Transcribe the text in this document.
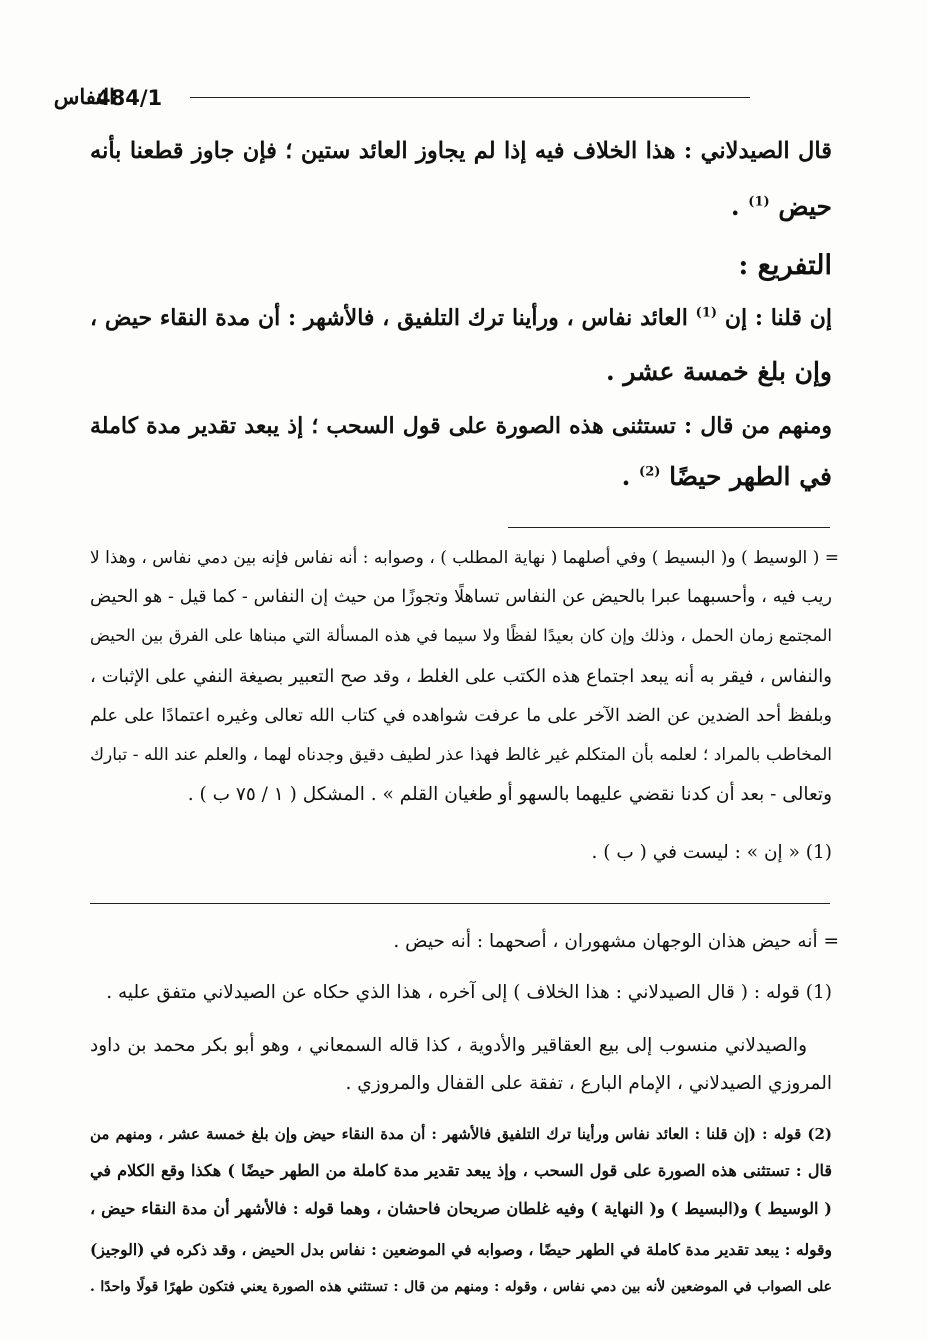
النفاس
484/1
قال الصيدلاني : هذا الخلاف فيه إذا لم يجاوز العائد ستين ؛ فإن جاوز قطعنا بأنه
حيض $^{(1)}$ .
التفريع :
إن قلنا : إن $^{(1)}$ العائد نفاس ، ورأينا ترك التلفيق ، فالأشهر : أن مدة النقاء حيض ،
وإن بلغ خمسة عشر .
ومنهم من قال : تستثنى هذه الصورة على قول السحب ؛ إذ يبعد تقدير مدة كاملة
في الطهر حيضًا $^{(2)}$ .
= ( الوسيط ) و( البسيط ) وفي أصلهما ( نهاية المطلب ) ، وصوابه : أنه نفاس فإنه بين دمي نفاس ، وهذا لا
ريب فيه ، وأحسبهما عبرا بالحيض عن النفاس تساهلًا وتجوزًا من حيث إن النفاس - كما قيل - هو الحيض
المجتمع زمان الحمل ، وذلك وإن كان بعيدًا لفظًا ولا سيما في هذه المسألة التي مبناها على الفرق بين الحيض
والنفاس ، فيقر به أنه يبعد اجتماع هذه الكتب على الغلط ، وقد صح التعبير بصيغة النفي على الإثبات ،
وبلفظ أحد الضدين عن الضد الآخر على ما عرفت شواهده في كتاب الله تعالى وغيره اعتمادًا على علم
المخاطب بالمراد ؛ لعلمه بأن المتكلم غير غالط فهذا عذر لطيف دقيق وجدناه لهما ، والعلم عند الله - تبارك
وتعالى - بعد أن كدنا نقضي عليهما بالسهو أو طغيان القلم » . المشكل ( ١ / ٧٥ ب ) .
(1) « إن » : ليست في ( ب ) .
= أنه حيض هذان الوجهان مشهوران ، أصحهما : أنه حيض .
(1) قوله : ( قال الصيدلاني : هذا الخلاف ) إلى آخره ، هذا الذي حكاه عن الصيدلاني متفق عليه .
والصيدلاني منسوب إلى بيع العقاقير والأدوية ، كذا قاله السمعاني ، وهو أبو بكر محمد بن داود
المروزي الصيدلاني ، الإمام البارع ، تفقة على القفال والمروزي .
(2) قوله : (إن قلنا : العائد نفاس ورأينا ترك التلفيق فالأشهر : أن مدة النقاء حيض وإن بلغ خمسة عشر ، ومنهم من
قال : تستثنى هذه الصورة على قول السحب ، وإذ يبعد تقدير مدة كاملة من الطهر حيضًا ) هكذا وقع الكلام في
( الوسيط ) و(البسيط ) و( النهاية ) وفيه غلطان صريحان فاحشان ، وهما قوله : فالأشهر أن مدة النقاء حيض ،
وقوله : يبعد تقدير مدة كاملة في الطهر حيضًا ، وصوابه في الموضعين : نفاس بدل الحيض ، وقد ذكره في (الوجيز)
على الصواب في الموضعين لأنه بين دمي نفاس ، وقوله : ومنهم من قال : تستثني هذه الصورة يعني فتكون طهرًا قولًا واحدًا .
